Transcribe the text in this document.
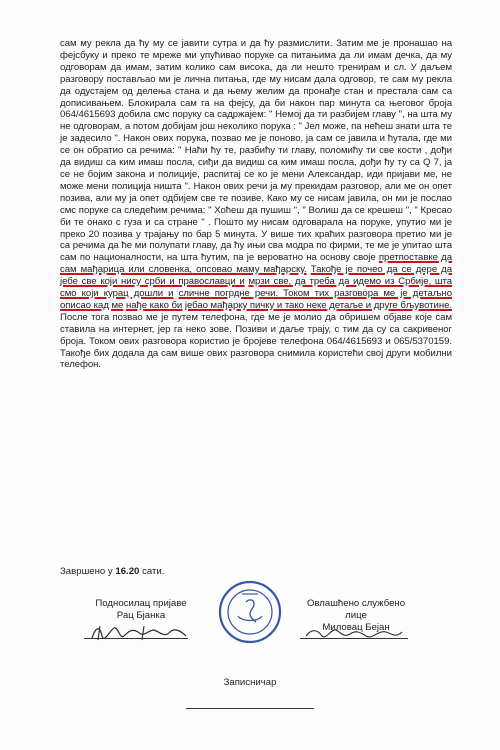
сам му рекла да ћу му се јавити сутра и да ћу размислити. Затим ме је пронашао на фејсбуку и преко те мреже ми упућивао поруке са питањима да ли имам дечка, да му одговорам да имам, затим колико сам висока, да ли нешто тренирам и сл. У даљем разговору постављао ми је лична питања, где му нисам дала одговор, те сам му рекла да одустајем од делења стана и да њему желим да пронађе стан и престала сам са дописивањем. Блокирала сам га на фејсу, да би након пар минута са његовог броја 064/4615693 добила смс поруку са садржајем: " Немој да ти разбијем главу ", на шта му не одговорам, а потом добијам још неколико порука : " Јел може, па нећеш знати шта те је задесило ". Након ових порука, позвао ме је поново, ја сам се јавила и ћутала, где ми се он обратио са речима: " Наћи ћу те, разбићу ти главу, поломићу ти све кости , дођи да видиш са ким имаш посла, сиђи да видиш са ким имаш посла, дођи ћу ту са Q 7, ја се не бојим закона и полиције, распитај се ко је мени Александар, иди пријави ме, не може мени полиција ништа ". Након ових речи ја му прекидам разговор, али ме он опет позива, али му ја опет одбијем све те позиве. Како му се нисам јавила, он ми је послао смс поруке са следећим речима: " Хоћеш да пушиш ", " Волиш да се крешеш ", " Кресао би те онако с гуза и са стране " . Пошто му нисам одговарала на поруке, упутио ми је преко 20 позива у трајању по бар 5 минута. У више тих краћих разговора претио ми је са речима да ће ми полупати главу, да ћу ињи сва модра по фирми, те ме је упитао шта сам по националности, на шта ћутим, па је вероватно на основу своје претпоставке да сам мађарица или словенка, опсовао маму мађарску. Такође је почео да се дере да јебе све који нису срби и православци и мрзи све, да треба да идемо из Србије, шта смо који курац дошли и сличне погрдне речи. Током тих разговора ме је детаљно описао кад ме нађе како би јебао мађарку пичку и тако неке детаље и друге бљувотине. После тога позвао ме је путем телефона, где ме је молио да обришем објаве које сам ставила на интернет, јер га неко зове. Позиви и даље трају, с тим да су са сакривеног броја. Током ових разговора користио је бројеве телефона 064/4615693 и 065/5370159. Такође бих додала да сам више ових разговора снимила користећи свој други мобилни телефон.

Завршено у 16.20 сати.
Подносилац пријаве
Рац Бјанка
Овлашћено службено лице
Миловац Бејан
Записничар
